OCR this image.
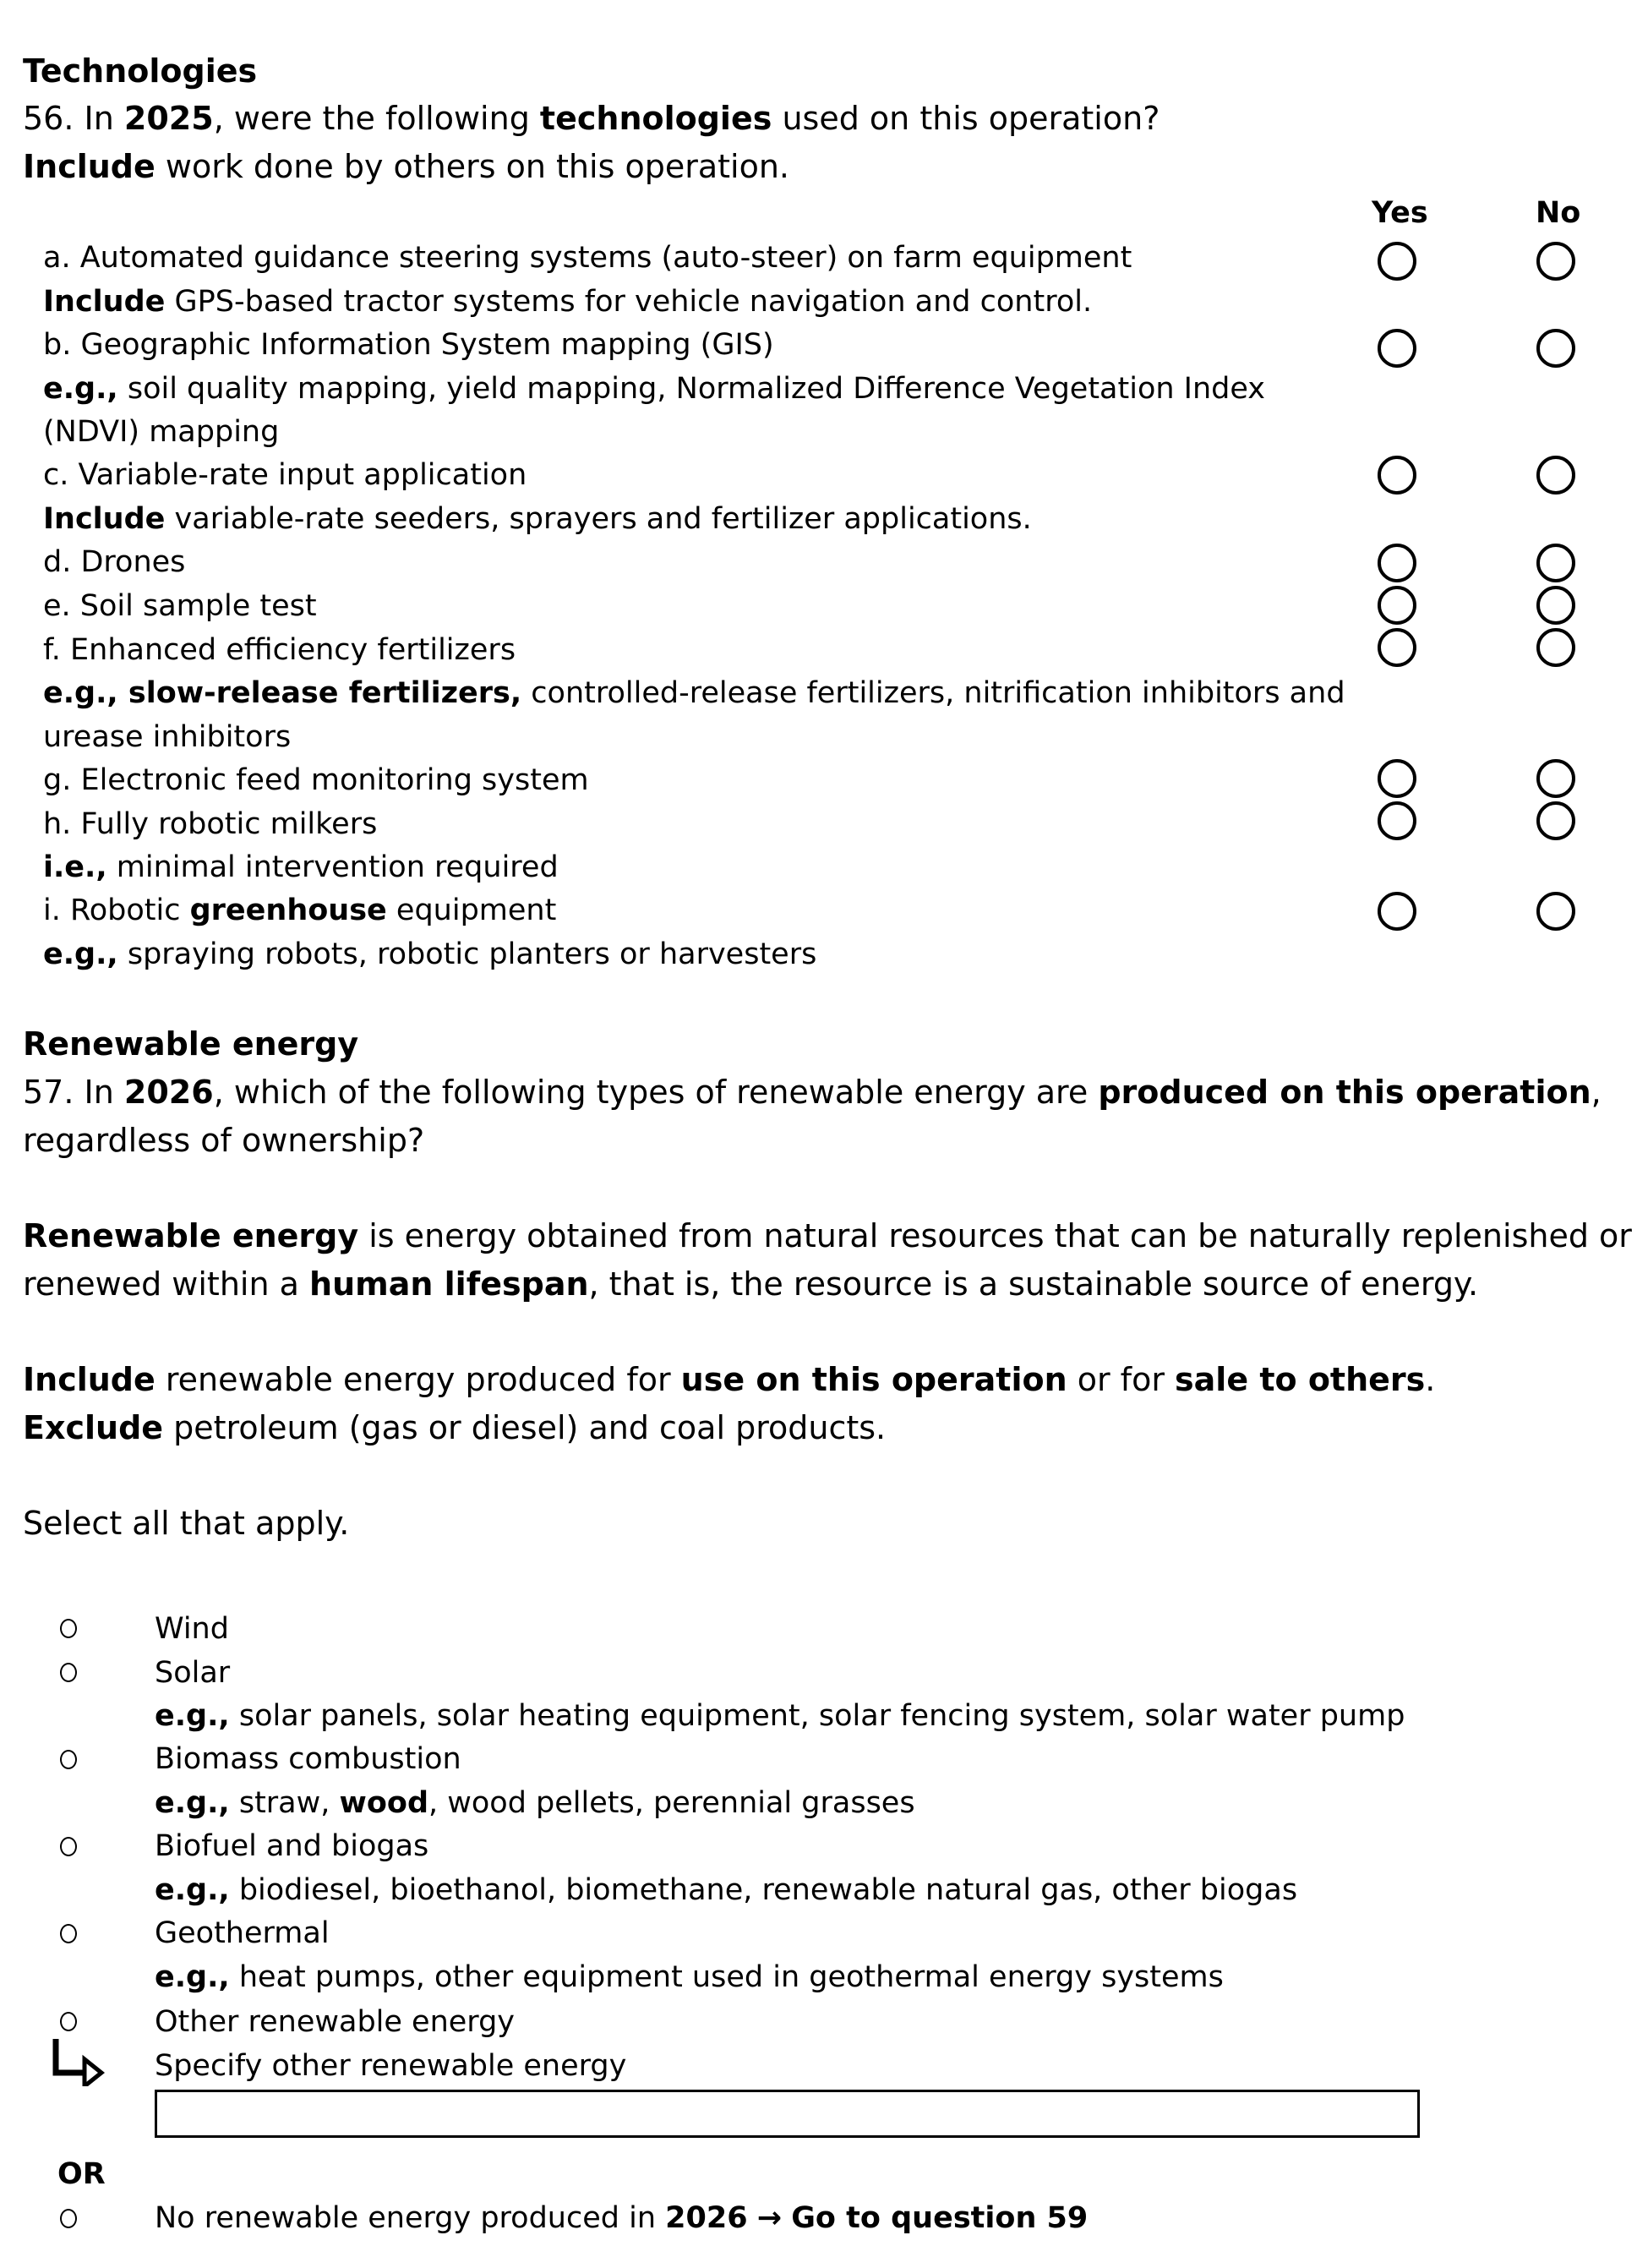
Technologies
56. In 2025, were the following technologies used on this operation?
Include work done by others on this operation.
Yes	No
a. Automated guidance steering systems (auto-steer) on farm equipment
Include GPS-based tractor systems for vehicle navigation and control.
b. Geographic Information System mapping (GIS)
e.g., soil quality mapping, yield mapping, Normalized Difference Vegetation Index
(NDVI) mapping
c. Variable-rate input application
Include variable-rate seeders, sprayers and fertilizer applications.
d. Drones
e. Soil sample test
f. Enhanced efficiency fertilizers
e.g., slow-release fertilizers, controlled-release fertilizers, nitrification inhibitors and
urease inhibitors
g. Electronic feed monitoring system
h. Fully robotic milkers
i.e., minimal intervention required
i. Robotic greenhouse equipment
e.g., spraying robots, robotic planters or harvesters
Renewable energy
57. In 2026, which of the following types of renewable energy are produced on this operation,
regardless of ownership?
Renewable energy is energy obtained from natural resources that can be naturally replenished or
renewed within a human lifespan, that is, the resource is a sustainable source of energy.
Include renewable energy produced for use on this operation or for sale to others.
Exclude petroleum (gas or diesel) and coal products.
Select all that apply.
Wind
Solar
e.g., solar panels, solar heating equipment, solar fencing system, solar water pump
Biomass combustion
e.g., straw, wood, wood pellets, perennial grasses
Biofuel and biogas
e.g., biodiesel, bioethanol, biomethane, renewable natural gas, other biogas
Geothermal
e.g., heat pumps, other equipment used in geothermal energy systems
Other renewable energy
Specify other renewable energy
OR
No renewable energy produced in 2026 → Go to question 59
